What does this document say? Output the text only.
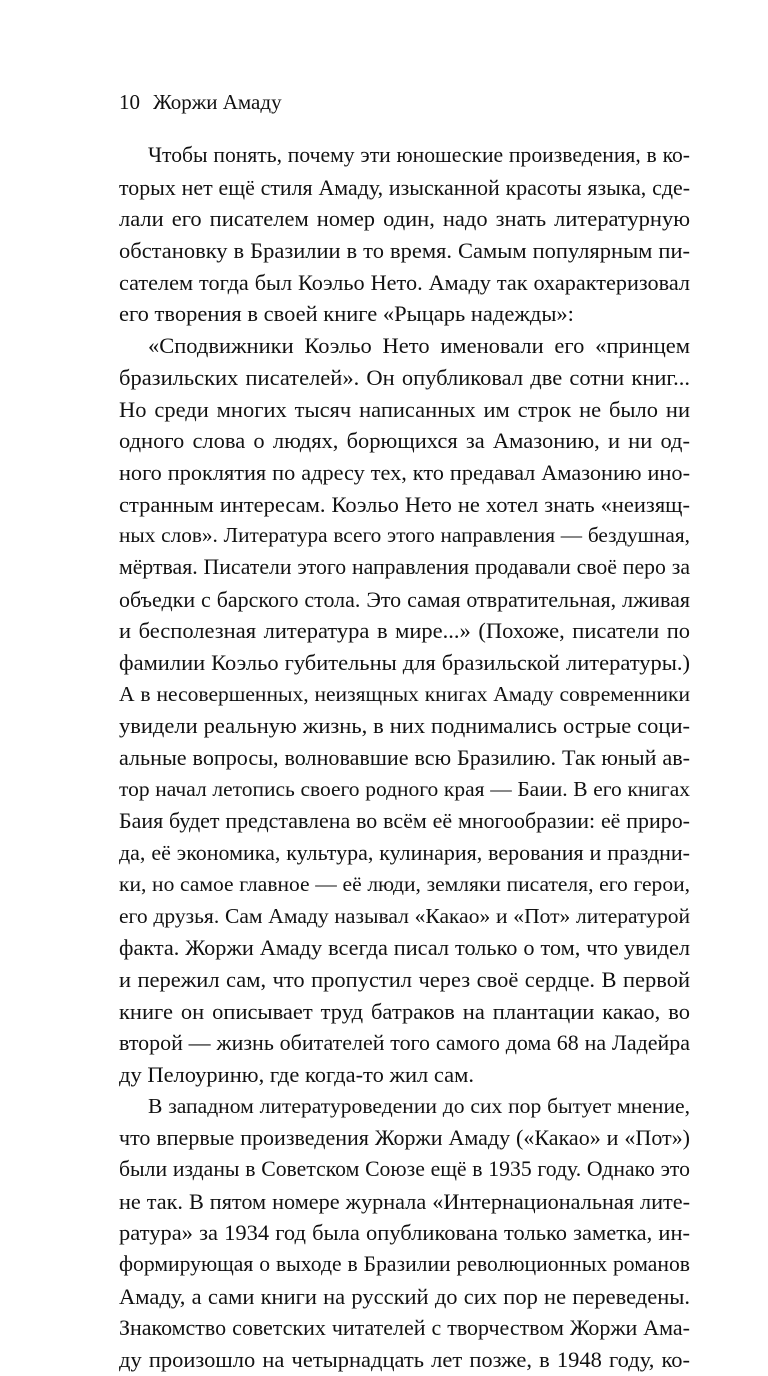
10 Жоржи Амаду
Чтобы понять, почему эти юношеские произведения, в ко-
торых нет ещё стиля Амаду, изысканной красоты языка, сде-
лали его писателем номер один, надо знать литературную
обстановку в Бразилии в то время. Самым популярным пи-
сателем тогда был Коэльо Нето. Амаду так охарактеризовал
его творения в своей книге «Рыцарь надежды»:
«Сподвижники Коэльо Нето именовали его «принцем
бразильских писателей». Он опубликовал две сотни книг...
Но среди многих тысяч написанных им строк не было ни
одного слова о людях, борющихся за Амазонию, и ни од-
ного проклятия по адресу тех, кто предавал Амазонию ино-
странным интересам. Коэльо Нето не хотел знать «неизящ-
ных слов». Литература всего этого направления — бездушная,
мёртвая. Писатели этого направления продавали своё перо за
объедки с барского стола. Это самая отвратительная, лживая
и бесполезная литература в мире...» (Похоже, писатели по
фамилии Коэльо губительны для бразильской литературы.)
А в несовершенных, неизящных книгах Амаду современники
увидели реальную жизнь, в них поднимались острые соци-
альные вопросы, волновавшие всю Бразилию. Так юный ав-
тор начал летопись своего родного края — Баии. В его книгах
Баия будет представлена во всём её многообразии: её приро-
да, её экономика, культура, кулинария, верования и праздни-
ки, но самое главное — её люди, земляки писателя, его герои,
его друзья. Сам Амаду называл «Какао» и «Пот» литературой
факта. Жоржи Амаду всегда писал только о том, что увидел
и пережил сам, что пропустил через своё сердце. В первой
книге он описывает труд батраков на плантации какао, во
второй — жизнь обитателей того самого дома 68 на Ладейра
ду Пелоуриню, где когда-то жил сам.
В западном литературоведении до сих пор бытует мнение,
что впервые произведения Жоржи Амаду («Какао» и «Пот»)
были изданы в Советском Союзе ещё в 1935 году. Однако это
не так. В пятом номере журнала «Интернациональная лите-
ратура» за 1934 год была опубликована только заметка, ин-
формирующая о выходе в Бразилии революционных романов
Амаду, а сами книги на русский до сих пор не переведены.
Знакомство советских читателей с творчеством Жоржи Ама-
ду произошло на четырнадцать лет позже, в 1948 году, ко-
